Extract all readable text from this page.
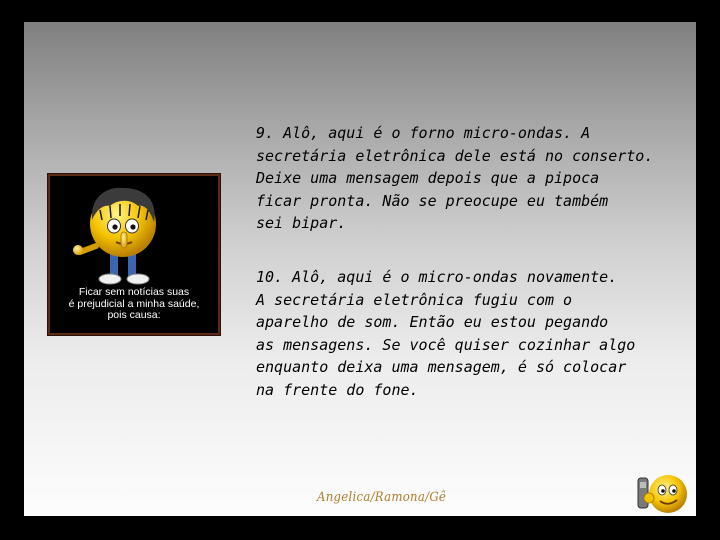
Ficar sem notícias suas
é prejudicial a minha saúde,
pois causa:
9. Alô, aqui é o forno micro-ondas. A
secretária eletrônica dele está no conserto.
Deixe uma mensagem depois que a pipoca
ficar pronta. Não se preocupe eu também
sei bipar.
10. Alô, aqui é o micro-ondas novamente.
A secretária eletrônica fugiu com o
aparelho de som. Então eu estou pegando
as mensagens. Se você quiser cozinhar algo
enquanto deixa uma mensagem, é só colocar
na frente do fone.
Angelica/Ramona/Gê
